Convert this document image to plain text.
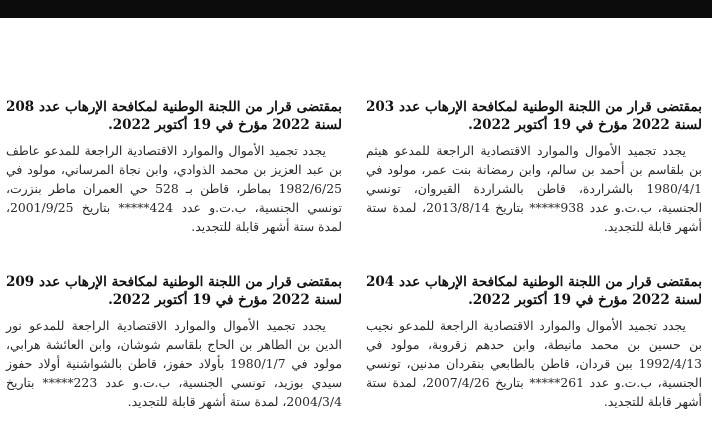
بمقتضى قرار من اللجنة الوطنية لمكافحة الإرهاب عدد 203 لسنة 2022 مؤرخ في 19 أكتوبر 2022.

يجدد تجميد الأموال والموارد الاقتصادية الراجعة للمدعو هيثم بن بلقاسم بن أحمد بن سالم، وابن رمضانة بنت عمر، مولود في 1980/4/1 بالشراردة، قاطن بالشراردة القيروان، تونسي الجنسية، ب.ت.و عدد 938***** بتاريخ 2013/8/14، لمدة ستة أشهر قابلة للتجديد.

بمقتضى قرار من اللجنة الوطنية لمكافحة الإرهاب عدد 208 لسنة 2022 مؤرخ في 19 أكتوبر 2022.

يجدد تجميد الأموال والموارد الاقتصادية الراجعة للمدعو عاطف بن عبد العزيز بن محمد الذوادي، وابن نجاة المرساني، مولود في 1982/6/25 بماطر، قاطن بـ 528 حي العمران ماطر بنزرت، تونسي الجنسية، ب.ت.و عدد 424***** بتاريخ 2001/9/25، لمدة ستة أشهر قابلة للتجديد.

بمقتضى قرار من اللجنة الوطنية لمكافحة الإرهاب عدد 204 لسنة 2022 مؤرخ في 19 أكتوبر 2022.

يجدد تجميد الأموال والموارد الاقتصادية الراجعة للمدعو نجيب بن حسين بن محمد مانيطة، وابن حدهم زقروبة، مولود في 1992/4/13 ببن قردان، قاطن بالطابعي بنقردان مدنين، تونسي الجنسية، ب.ت.و عدد 261***** بتاريخ 2007/4/26، لمدة ستة أشهر قابلة للتجديد.

بمقتضى قرار من اللجنة الوطنية لمكافحة الإرهاب عدد 209 لسنة 2022 مؤرخ في 19 أكتوبر 2022.

يجدد تجميد الأموال والموارد الاقتصادية الراجعة للمدعو نور الدين بن الطاهر بن الحاج بلقاسم شوشان، وابن العائشة هرابي، مولود في 1980/1/7 بأولاد حفوز، قاطن بالشواشنية أولاد حفوز سيدي بوزيد، تونسي الجنسية، ب.ت.و عدد 223***** بتاريخ 2004/3/4، لمدة ستة أشهر قابلة للتجديد.
